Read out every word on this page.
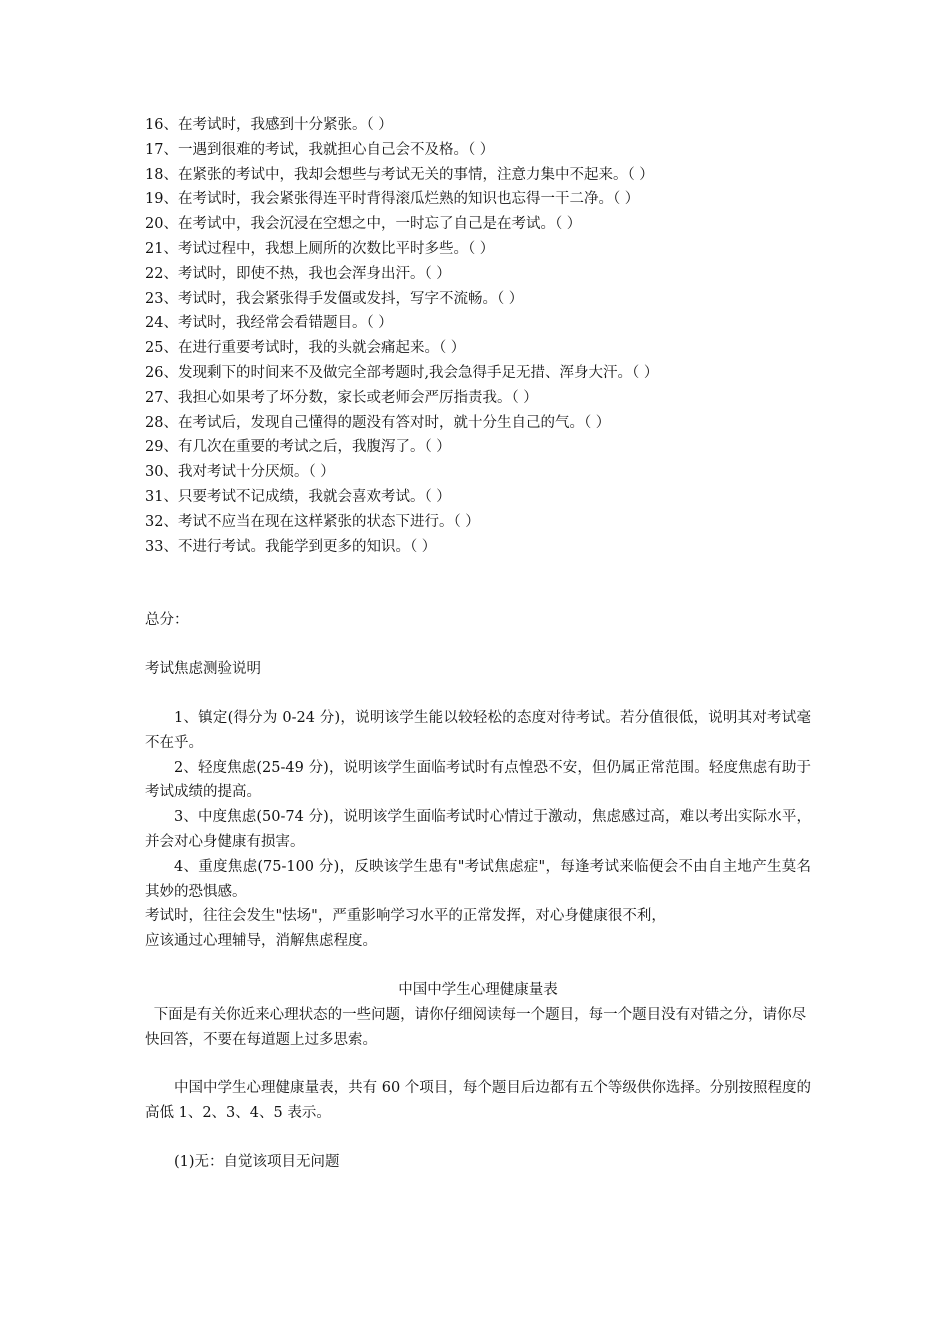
16、在考试时，我感到十分紧张。（ ）
17、一遇到很难的考试，我就担心自己会不及格。（ ）
18、在紧张的考试中，我却会想些与考试无关的事情，注意力集中不起来。（ ）
19、在考试时，我会紧张得连平时背得滚瓜烂熟的知识也忘得一干二净。（ ）
20、在考试中，我会沉浸在空想之中，一时忘了自己是在考试。（ ）
21、考试过程中，我想上厕所的次数比平时多些。（ ）
22、考试时，即使不热，我也会浑身出汗。（ ）
23、考试时，我会紧张得手发僵或发抖，写字不流畅。（ ）
24、考试时，我经常会看错题目。（ ）
25、在进行重要考试时，我的头就会痛起来。（ ）
26、发现剩下的时间来不及做完全部考题时,我会急得手足无措、浑身大汗。（ ）
27、我担心如果考了坏分数，家长或老师会严厉指责我。（ ）
28、在考试后，发现自己懂得的题没有答对时，就十分生自己的气。（ ）
29、有几次在重要的考试之后，我腹泻了。（ ）
30、我对考试十分厌烦。（ ）
31、只要考试不记成绩，我就会喜欢考试。（ ）
32、考试不应当在现在这样紧张的状态下进行。（ ）
33、不进行考试。我能学到更多的知识。（ ）
总分：
考试焦虑测验说明
1、镇定(得分为 0-24 分)，说明该学生能以较轻松的态度对待考试。若分值很低，说明其对考试毫不在乎。
2、轻度焦虑(25-49 分)，说明该学生面临考试时有点惶恐不安，但仍属正常范围。轻度焦虑有助于考试成绩的提高。
3、中度焦虑(50-74 分)，说明该学生面临考试时心情过于激动，焦虑感过高，难以考出实际水平，并会对心身健康有损害。
4、重度焦虑(75-100 分)，反映该学生患有"考试焦虑症"，每逢考试来临便会不由自主地产生莫名其妙的恐惧感。
考试时，往往会发生"怯场"，严重影响学习水平的正常发挥，对心身健康很不利，
应该通过心理辅导，消解焦虑程度。
中国中学生心理健康量表
下面是有关你近来心理状态的一些问题，请你仔细阅读每一个题目，每一个题目没有对错之分，请你尽快回答，不要在每道题上过多思索。
中国中学生心理健康量表，共有 60 个项目，每个题目后边都有五个等级供你选择。分别按照程度的高低 1、2、3、4、5 表示。
(1)无：自觉该项目无问题
